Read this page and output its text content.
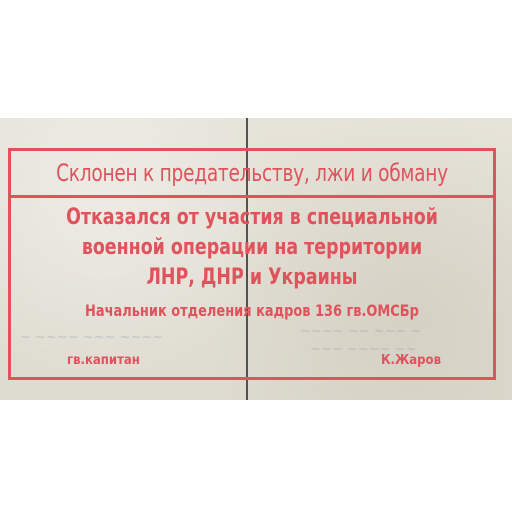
~ ~~~~ ~~~ ~~~~	~~~~ ~~ ~~~ ~
~~~ ~~~~ ~~
Склонен к предательству, лжи и обману
Отказался от участия в специальной
военной операции на территории
ЛНР, ДНР и Украины
Начальник отделения кадров 136 гв.ОМСБр
гв.капитан	К.Жаров
